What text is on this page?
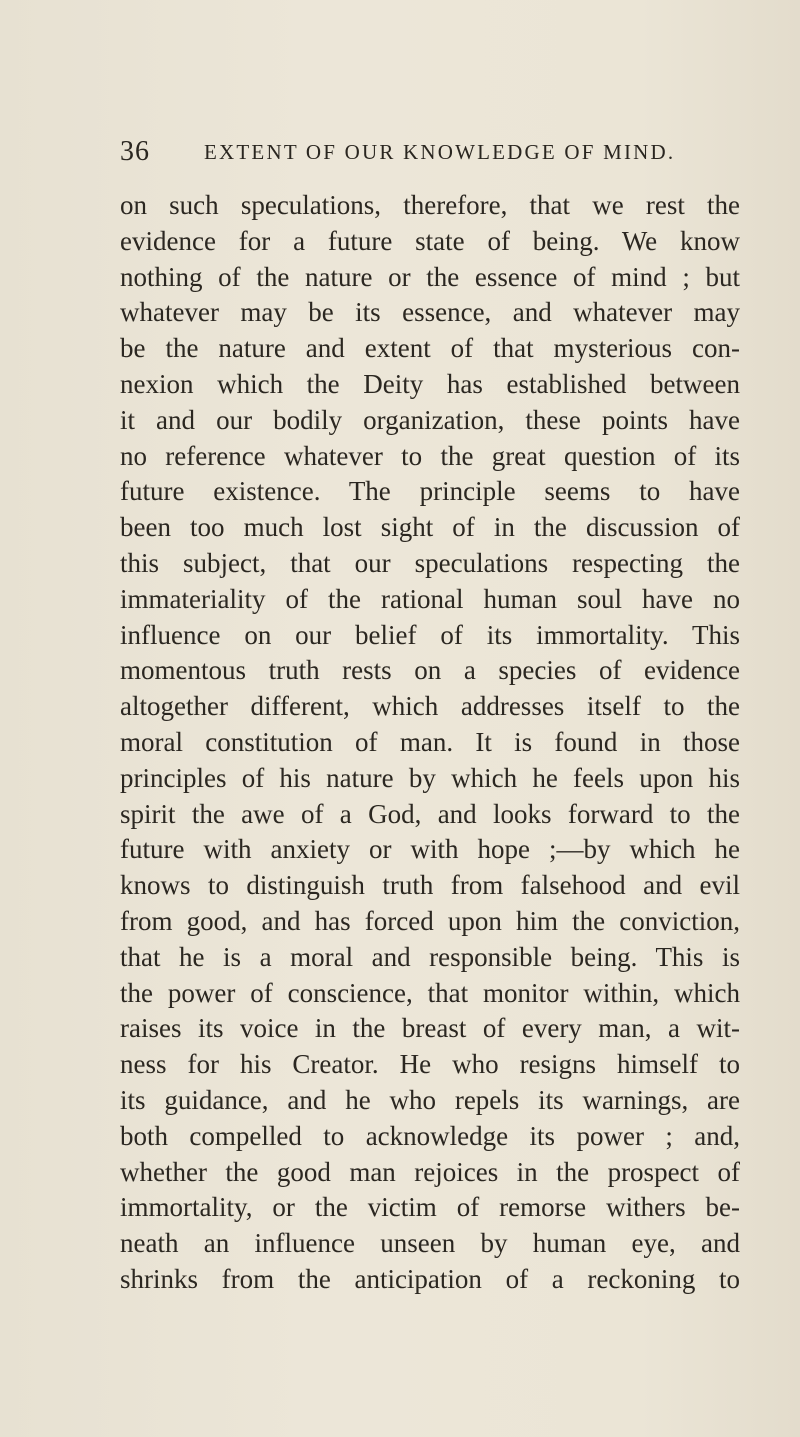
36	EXTENT OF OUR KNOWLEDGE OF MIND.
on such speculations, therefore, that we rest the
evidence for a future state of being. We know
nothing of the nature or the essence of mind ; but
whatever may be its essence, and whatever may
be the nature and extent of that mysterious con-
nexion which the Deity has established between
it and our bodily organization, these points have
no reference whatever to the great question of its
future existence. The principle seems to have
been too much lost sight of in the discussion of
this subject, that our speculations respecting the
immateriality of the rational human soul have no
influence on our belief of its immortality. This
momentous truth rests on a species of evidence
altogether different, which addresses itself to the
moral constitution of man. It is found in those
principles of his nature by which he feels upon his
spirit the awe of a God, and looks forward to the
future with anxiety or with hope ;—by which he
knows to distinguish truth from falsehood and evil
from good, and has forced upon him the conviction,
that he is a moral and responsible being. This is
the power of conscience, that monitor within, which
raises its voice in the breast of every man, a wit-
ness for his Creator. He who resigns himself to
its guidance, and he who repels its warnings, are
both compelled to acknowledge its power ; and,
whether the good man rejoices in the prospect of
immortality, or the victim of remorse withers be-
neath an influence unseen by human eye, and
shrinks from the anticipation of a reckoning to
